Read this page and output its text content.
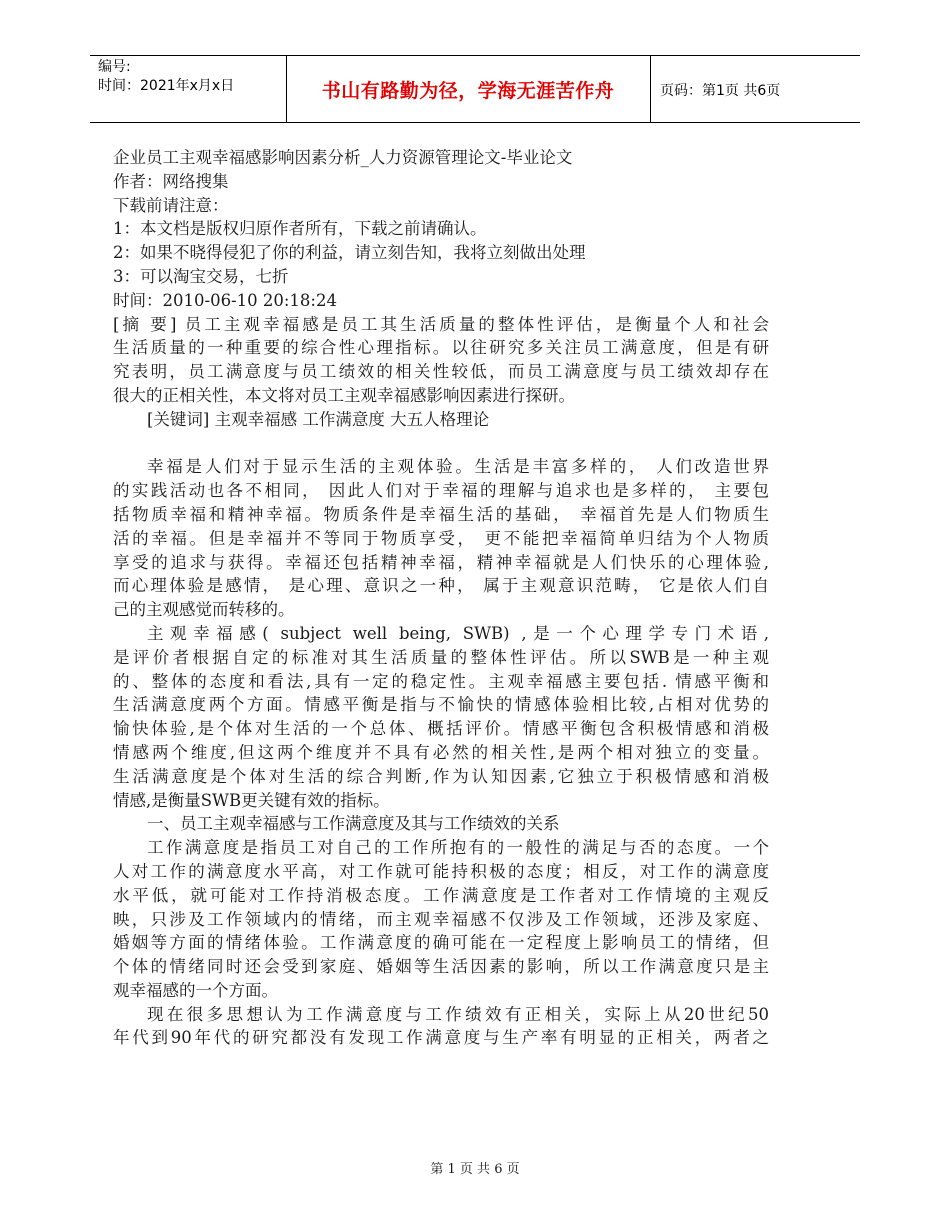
编号:
时间：2021年x月x日	书山有路勤为径，学海无涯苦作舟	页码：第1页 共6页
企业员工主观幸福感影响因素分析_人力资源管理论文-毕业论文
作者：网络搜集
下载前请注意：
1：本文档是版权归原作者所有，下载之前请确认。
2：如果不晓得侵犯了你的利益，请立刻告知，我将立刻做出处理
3：可以淘宝交易，七折
时间：2010-06-10 20:18:24
[摘 要] 员工主观幸福感是员工其生活质量的整体性评估，是衡量个人和社会
生活质量的一种重要的综合性心理指标。以往研究多关注员工满意度，但是有研
究表明，员工满意度与员工绩效的相关性较低，而员工满意度与员工绩效却存在
很大的正相关性，本文将对员工主观幸福感影响因素进行探研。
[关键词] 主观幸福感 工作满意度 大五人格理论
幸福是人们对于显示生活的主观体验。生活是丰富多样的， 人们改造世界
的实践活动也各不相同， 因此人们对于幸福的理解与追求也是多样的， 主要包
括物质幸福和精神幸福。物质条件是幸福生活的基础， 幸福首先是人们物质生
活的幸福。但是幸福并不等同于物质享受， 更不能把幸福简单归结为个人物质
享受的追求与获得。幸福还包括精神幸福，精神幸福就是人们快乐的心理体验,
而心理体验是感情， 是心理、意识之一种， 属于主观意识范畴， 它是依人们自
己的主观感觉而转移的。
主观幸福感( subject well being, SWB) ,是一个心理学专门术语,
是评价者根据自定的标准对其生活质量的整体性评估。所以SWB是一种主观
的、整体的态度和看法,具有一定的稳定性。主观幸福感主要包括. 情感平衡和
生活满意度两个方面。情感平衡是指与不愉快的情感体验相比较,占相对优势的
愉快体验,是个体对生活的一个总体、概括评价。情感平衡包含积极情感和消极
情感两个维度,但这两个维度并不具有必然的相关性,是两个相对独立的变量。
生活满意度是个体对生活的综合判断,作为认知因素,它独立于积极情感和消极
情感,是衡量SWB更关键有效的指标。
一、员工主观幸福感与工作满意度及其与工作绩效的关系
工作满意度是指员工对自己的工作所抱有的一般性的满足与否的态度。一个
人对工作的满意度水平高，对工作就可能持积极的态度；相反，对工作的满意度
水平低，就可能对工作持消极态度。工作满意度是工作者对工作情境的主观反
映，只涉及工作领域内的情绪，而主观幸福感不仅涉及工作领域，还涉及家庭、
婚姻等方面的情绪体验。工作满意度的确可能在一定程度上影响员工的情绪，但
个体的情绪同时还会受到家庭、婚姻等生活因素的影响，所以工作满意度只是主
观幸福感的一个方面。
现在很多思想认为工作满意度与工作绩效有正相关，实际上从20世纪50
年代到90年代的研究都没有发现工作满意度与生产率有明显的正相关，两者之
第 1 页 共 6 页
